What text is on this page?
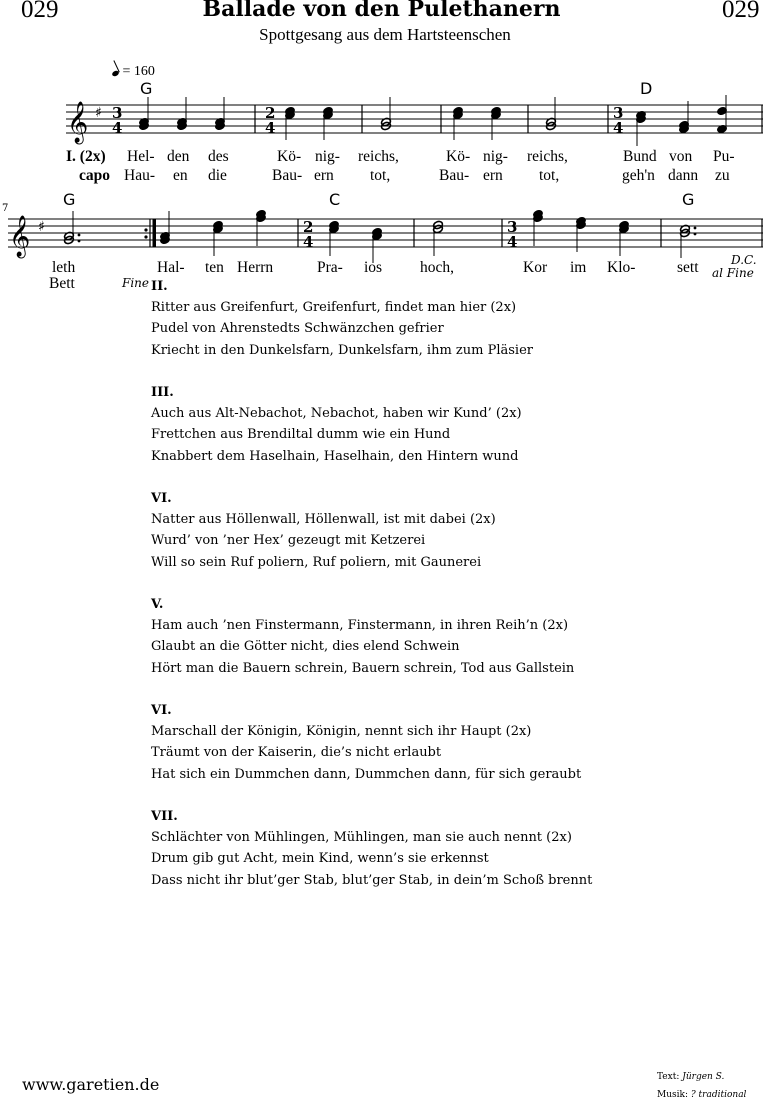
029	Ballade von den Pulethanern	029
Spottgesang aus dem Hartsteenschen
= 160
𝄞 ♯ 3
4
2
4
3
4
7
𝄞 ♯	2
4
3
4
G	D
G	C	G
I. (2x) Hel- den des	Kö- nig- reichs,	Kö- nig- reichs,	Bund von Pu-
capo Hau- en die	Bau- ern tot,	Bau- ern tot,	geh'n dann zu
leth	Hal- ten Herrn	Pra- ios hoch,	Kor im Klo-	sett
Bett	Fine
D.C.
al Fine
II.
Ritter aus Greifenfurt, Greifenfurt, findet man hier (2x)
Pudel von Ahrenstedts Schwänzchen gefrier
Kriecht in den Dunkelsfarn, Dunkelsfarn, ihm zum Pläsier
III.
Auch aus Alt-Nebachot, Nebachot, haben wir Kund’ (2x)
Frettchen aus Brendiltal dumm wie ein Hund
Knabbert dem Haselhain, Haselhain, den Hintern wund
VI.
Natter aus Höllenwall, Höllenwall, ist mit dabei (2x)
Wurd’ von ’ner Hex’ gezeugt mit Ketzerei
Will so sein Ruf poliern, Ruf poliern, mit Gaunerei
V.
Ham auch ’nen Finstermann, Finstermann, in ihren Reih’n (2x)
Glaubt an die Götter nicht, dies elend Schwein
Hört man die Bauern schrein, Bauern schrein, Tod aus Gallstein
VI.
Marschall der Königin, Königin, nennt sich ihr Haupt (2x)
Träumt von der Kaiserin, die’s nicht erlaubt
Hat sich ein Dummchen dann, Dummchen dann, für sich geraubt
VII.
Schlächter von Mühlingen, Mühlingen, man sie auch nennt (2x)
Drum gib gut Acht, mein Kind, wenn’s sie erkennst
Dass nicht ihr blut’ger Stab, blut’ger Stab, in dein’m Schoß brennt
www.garetien.de	Text: Jürgen S.
Musik: ? traditional
